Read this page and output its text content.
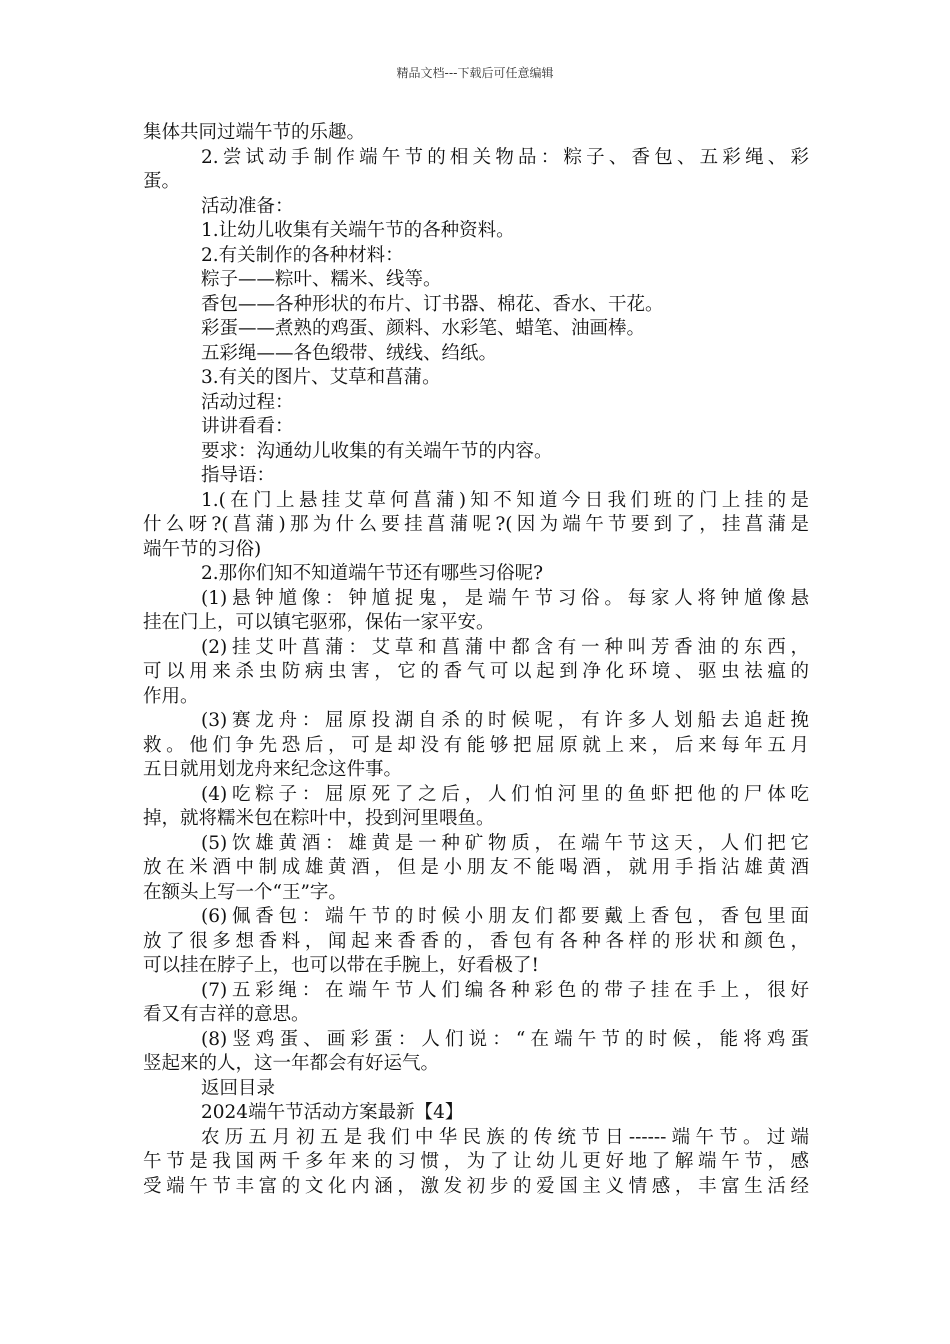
精品文档---下载后可任意编辑
集体共同过端午节的乐趣。
2.尝试动手制作端午节的相关物品：粽子、香包、五彩绳、彩
蛋。
活动准备：
1.让幼儿收集有关端午节的各种资料。
2.有关制作的各种材料：
粽子——粽叶、糯米、线等。
香包——各种形状的布片、订书器、棉花、香水、干花。
彩蛋——煮熟的鸡蛋、颜料、水彩笔、蜡笔、油画棒。
五彩绳——各色缎带、绒线、绉纸。
3.有关的图片、艾草和菖蒲。
活动过程：
讲讲看看：
要求：沟通幼儿收集的有关端午节的内容。
指导语：
1.(在门上悬挂艾草何菖蒲)知不知道今日我们班的门上挂的是
什么呀?(菖蒲)那为什么要挂菖蒲呢?(因为端午节要到了，挂菖蒲是
端午节的习俗)
2.那你们知不知道端午节还有哪些习俗呢?
(1)悬钟馗像：钟馗捉鬼，是端午节习俗。每家人将钟馗像悬
挂在门上，可以镇宅驱邪，保佑一家平安。
(2)挂艾叶菖蒲：艾草和菖蒲中都含有一种叫芳香油的东西，
可以用来杀虫防病虫害，它的香气可以起到净化环境、驱虫祛瘟的
作用。
(3)赛龙舟：屈原投湖自杀的时候呢，有许多人划船去追赶挽
救。他们争先恐后，可是却没有能够把屈原就上来，后来每年五月
五日就用划龙舟来纪念这件事。
(4)吃粽子：屈原死了之后，人们怕河里的鱼虾把他的尸体吃
掉，就将糯米包在粽叶中，投到河里喂鱼。
(5)饮雄黄酒：雄黄是一种矿物质，在端午节这天，人们把它
放在米酒中制成雄黄酒，但是小朋友不能喝酒，就用手指沾雄黄酒
在额头上写一个“王”字。
(6)佩香包：端午节的时候小朋友们都要戴上香包，香包里面
放了很多想香料，闻起来香香的，香包有各种各样的形状和颜色，
可以挂在脖子上，也可以带在手腕上，好看极了!
(7)五彩绳：在端午节人们编各种彩色的带子挂在手上，很好
看又有吉祥的意思。
(8)竖鸡蛋、画彩蛋：人们说：“在端午节的时候，能将鸡蛋
竖起来的人，这一年都会有好运气。
返回目录
2024端午节活动方案最新【4】
农历五月初五是我们中华民族的传统节日------端午节。过端
午节是我国两千多年来的习惯，为了让幼儿更好地了解端午节，感
受端午节丰富的文化内涵，激发初步的爱国主义情感，丰富生活经
